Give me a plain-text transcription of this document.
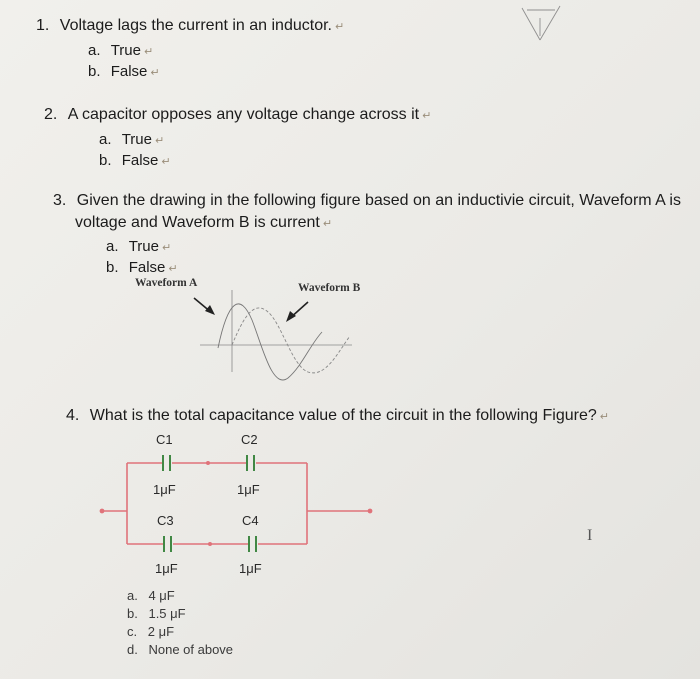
1. Voltage lags the current in an inductor. ↵
a. True ↵
b. False ↵
2. A capacitor opposes any voltage change across it ↵
a. True ↵
b. False ↵
3. Given the drawing in the following figure based on an inductivie circuit, Waveform A is
voltage and Waveform B is current ↵
a. True ↵
b. False ↵
Waveform A	Waveform B
4. What is the total capacitance value of the circuit in the following Figure? ↵
C1	C2
1μF	1μF
C3	C4
1μF	1μF
a. 4 μF
b. 1.5 μF
c. 2 μF
d. None of above
I
